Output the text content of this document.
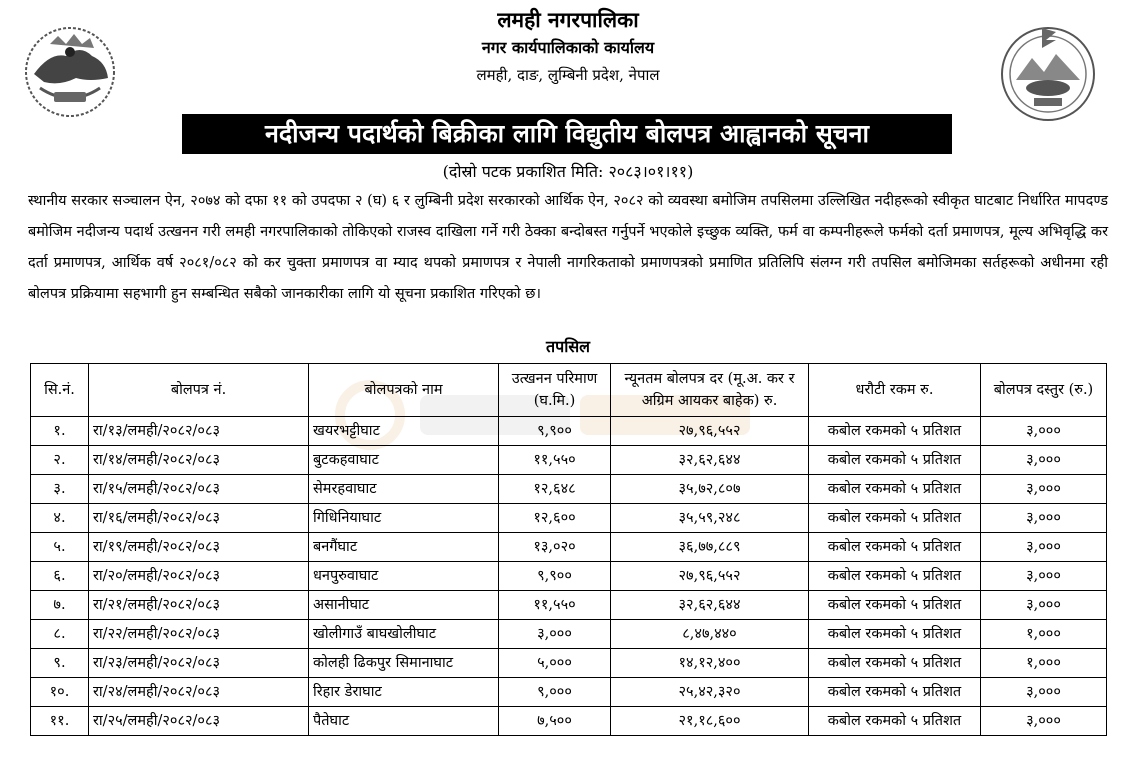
लमही नगरपालिका
नगर कार्यपालिकाको कार्यालय
लमही, दाङ, लुम्बिनी प्रदेश, नेपाल
नदीजन्य पदार्थको बिक्रीका लागि विद्युतीय बोलपत्र आह्वानको सूचना
(दोस्रो पटक प्रकाशित मिति: २०८३।०१।११)

स्थानीय सरकार सञ्चालन ऐन, २०७४ को दफा ११ को उपदफा २ (घ) ६ र लुम्बिनी प्रदेश सरकारको आर्थिक ऐन, २०८२ को व्यवस्था बमोजिम तपसिलमा उल्लिखित नदीहरूको स्वीकृत घाटबाट निर्धारित मापदण्ड बमोजिम नदीजन्य पदार्थ उत्खनन गरी लमही नगरपालिकाको तोकिएको राजस्व दाखिला गर्ने गरी ठेक्का बन्दोबस्त गर्नुपर्ने भएकोले इच्छुक व्यक्ति, फर्म वा कम्पनीहरूले फर्मको दर्ता प्रमाणपत्र, मूल्य अभिवृद्धि कर दर्ता प्रमाणपत्र, आर्थिक वर्ष २०८१/०८२ को कर चुक्ता प्रमाणपत्र वा म्याद थपको प्रमाणपत्र र नेपाली नागरिकताको प्रमाणपत्रको प्रमाणित प्रतिलिपि संलग्न गरी तपसिल बमोजिमका सर्तहरूको अधीनमा रही बोलपत्र प्रक्रियामा सहभागी हुन सम्बन्धित सबैको जानकारीका लागि यो सूचना प्रकाशित गरिएको छ।

तपसिल
सि.नं.	बोलपत्र नं.	बोलपत्रको नाम	उत्खनन परिमाण (घ.मि.)	न्यूनतम बोलपत्र दर (मू.अ. कर र अग्रिम आयकर बाहेक) रु.	धरौटी रकम रु.	बोलपत्र दस्तुर (रु.)
१.	रा/१३/लमही/२०८२/०८३	खयरभट्टीघाट	९,९००	२७,९६,५५२	कबोल रकमको ५ प्रतिशत	३,०००
२.	रा/१४/लमही/२०८२/०८३	बुटकहवाघाट	११,५५०	३२,६२,६४४	कबोल रकमको ५ प्रतिशत	३,०००
३.	रा/१५/लमही/२०८२/०८३	सेमरहवाघाट	१२,६४८	३५,७२,८०७	कबोल रकमको ५ प्रतिशत	३,०००
४.	रा/१६/लमही/२०८२/०८३	गिधिनियाघाट	१२,६००	३५,५९,२४८	कबोल रकमको ५ प्रतिशत	३,०००
५.	रा/१९/लमही/२०८२/०८३	बनगैंघाट	१३,०२०	३६,७७,८८९	कबोल रकमको ५ प्रतिशत	३,०००
६.	रा/२०/लमही/२०८२/०८३	धनपुरुवाघाट	९,९००	२७,९६,५५२	कबोल रकमको ५ प्रतिशत	३,०००
७.	रा/२१/लमही/२०८२/०८३	असानीघाट	११,५५०	३२,६२,६४४	कबोल रकमको ५ प्रतिशत	३,०००
८.	रा/२२/लमही/२०८२/०८३	खोलीगाउँ बाघखोलीघाट	३,०००	८,४७,४४०	कबोल रकमको ५ प्रतिशत	१,०००
९.	रा/२३/लमही/२०८२/०८३	कोलही ढिकपुर सिमानाघाट	५,०००	१४,१२,४००	कबोल रकमको ५ प्रतिशत	१,०००
१०.	रा/२४/लमही/२०८२/०८३	रिहार डेराघाट	९,०००	२५,४२,३२०	कबोल रकमको ५ प्रतिशत	३,०००
११.	रा/२५/लमही/२०८२/०८३	पैतेघाट	७,५००	२१,१८,६००	कबोल रकमको ५ प्रतिशत	३,०००
